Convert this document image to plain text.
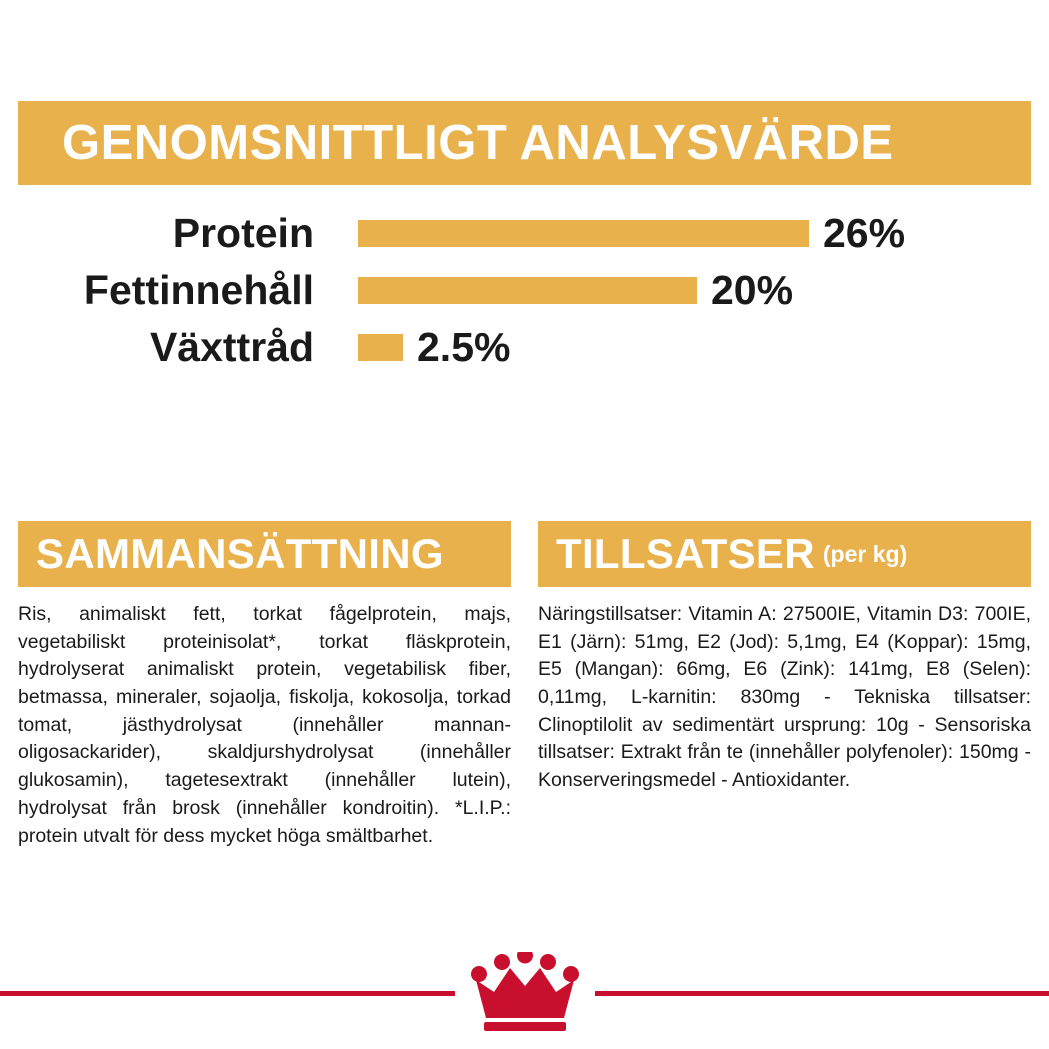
GENOMSNITTLIGT ANALYSVÄRDE
Protein	26%
Fettinnehåll	20%
Växttråd	2.5%
SAMMANSÄTTNING
Ris, animaliskt fett, torkat fågelprotein, majs, vegetabiliskt proteinisolat*, torkat fläskprotein, hydrolyserat animaliskt protein, vegetabilisk fiber, betmassa, mineraler, sojaolja, fiskolja, kokosolja, torkad tomat, jästhydrolysat (innehåller mannan-oligosackarider), skaldjurshydrolysat (innehåller glukosamin), tagetesextrakt (innehåller lutein), hydrolysat från brosk (innehåller kondroitin). *L.I.P.: protein utvalt för dess mycket höga smältbarhet.
TILLSATSER (per kg)
Näringstillsatser: Vitamin A: 27500IE, Vitamin D3: 700IE, E1 (Järn): 51mg, E2 (Jod): 5,1mg, E4 (Koppar): 15mg, E5 (Mangan): 66mg, E6 (Zink): 141mg, E8 (Selen): 0,11mg, L-karnitin: 830mg - Tekniska tillsatser: Clinoptilolit av sedimentärt ursprung: 10g - Sensoriska tillsatser: Extrakt från te (innehåller polyfenoler): 150mg - Konserveringsmedel - Antioxidanter.
